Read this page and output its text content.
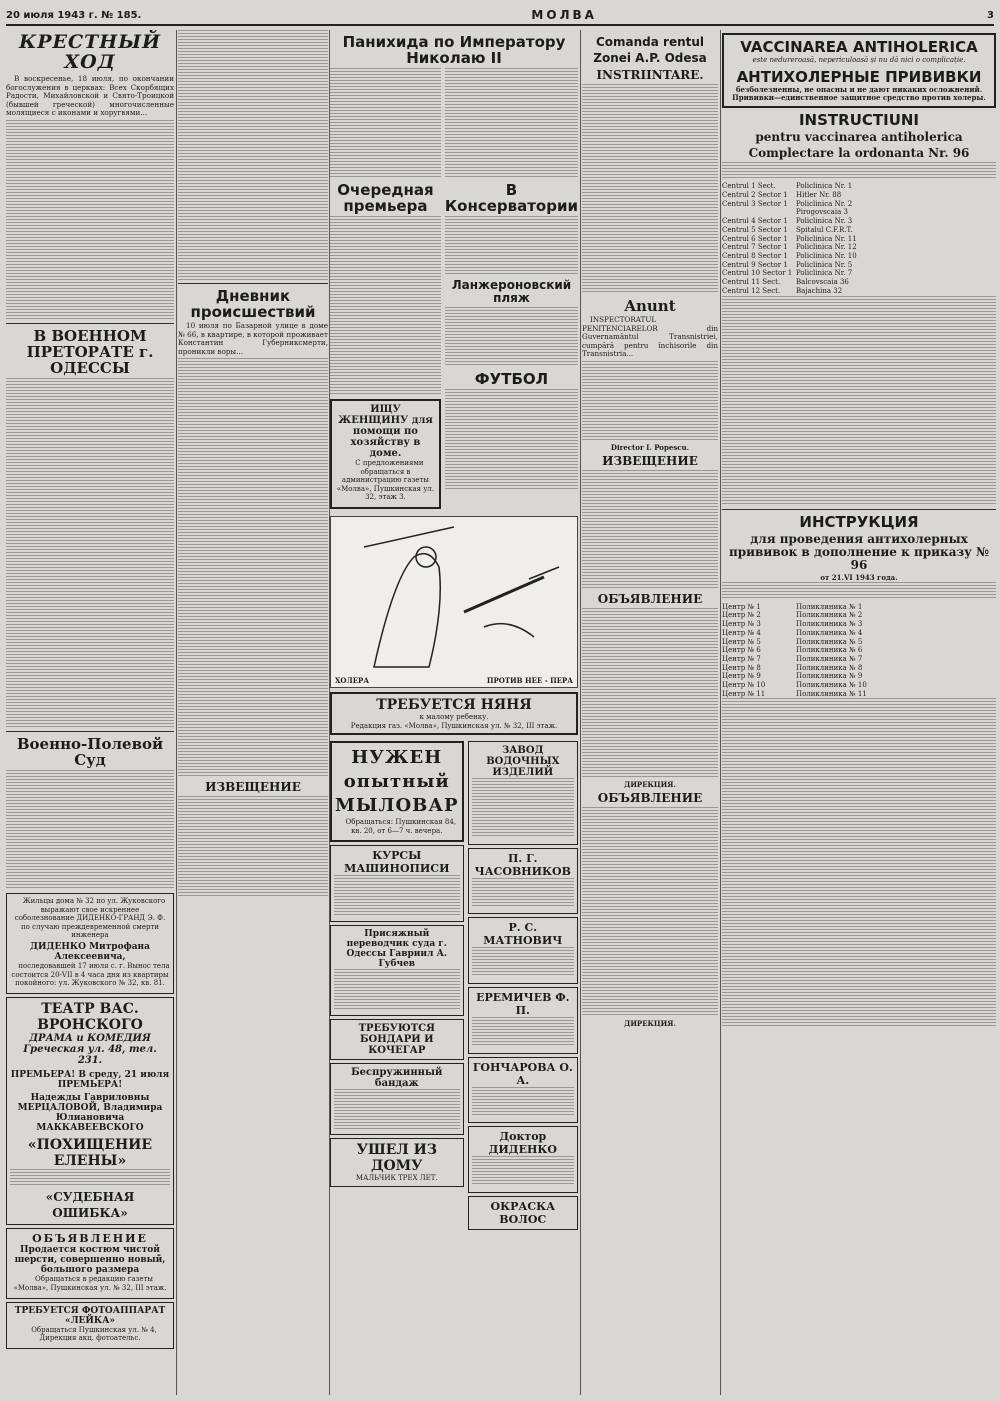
20 июля 1943 г. № 185.	МОЛВА	3
КРЕСТНЫЙ ХОД

В воскресенье, 18 июля, по окончании богослужения в церквах: Всех Скорбящих Радости, Михайловской и Свято-Троицкой (бывшей греческой) многочисленные молящиеся с иконами и хоругвями...

В ВОЕННОМ ПРЕТОРАТЕ г. ОДЕССЫ
Военно-Полевой Суд

Жильцы дома № 32 по ул. Жуковского выражают свое искреннее соболезнование ДИДЕНКО-ГРАНД Э. Ф. по случаю преждевременной смерти инженера

ДИДЕНКО Митрофана Алексеевича,

последовавшей 17 июля с. г. Вынос тела состоится 20-VII в 4 часа дня из квартиры покойного: ул. Жуковского № 32, кв. 81.

ТЕАТР ВАС. ВРОНСКОГО
ДРАМА и КОМЕДИЯ Греческая ул. 48, тел. 231.
ПРЕМЬЕРА! В среду, 21 июля ПРЕМЬЕРА!
Надежды Гавриловны МЕРЦАЛОВОЙ, Владимира Юлиановича МАККАВЕЕВСКОГО
«ПОХИЩЕНИЕ ЕЛЕНЫ»
«СУДЕБНАЯ ОШИБКА»
ОБЪЯВЛЕНИЕ
Продается костюм чистой шерсти, совершенно новый, большого размера

Обращаться в редакцию газеты «Молва», Пушкинская ул. № 32, III этаж.

ТРЕБУЕТСЯ ФОТОАППАРАТ «ЛЕЙКА»

Обращаться Пушкинская ул. № 4, Дирекция акц. фотоательс.

Дневник происшествий

10 июля по Базарной улице в доме № 66, в квартире, в которой проживает Константин Губерниксмерти, проникли воры...

ИЗВЕЩЕНИЕ
Панихида по Императору Николаю II
Очередная премьера
ИЩУ ЖЕНЩИНУ для помощи по хозяйству в доме.

С предложениями обращаться в администрацию газеты «Молва», Пушкинская ул. 32, этаж 3.

В Консерватории
Ланжероновский пляж
ФУТБОЛ
ХОЛЕРА	ПРОТИВ НЕЕ - ПЕРА
ТРЕБУЕТСЯ НЯНЯ
к малому ребенку.
Редакция газ. «Молва», Пушкинская ул. № 32, III этаж.
НУЖЕН опытный МЫЛОВАР

Обращаться: Пушкинская 84, кв. 20, от 6—7 ч. вечера.

КУРСЫ МАШИНОПИСИ
Присяжный переводчик суда г. Одессы Гавриил А. Губчев
ТРЕБУЮТСЯ БОНДАРИ И КОЧЕГАР
Беспружинный бандаж
УШЕЛ ИЗ ДОМУ
МАЛЬЧИК ТРЕХ ЛЕТ.
ЗАВОД ВОДОЧНЫХ ИЗДЕЛИЙ
П. Г. ЧАСОВНИКОВ
Р. С. МАТНОВИЧ
ЕРЕМИЧЕВ Ф. П.
ГОНЧАРОВА О. А.
Доктор ДИДЕНКО
ОКРАСКА ВОЛОС
Comanda rentul Zonei A.P. Odesa
INSTRIINTARE.
Anunt

INSPECTORATUL PENITENCIARELOR din Guvernamântul Transnistriei, cumpără pentru închisorile din Transnistria...

Director I. Popescu.
ИЗВЕЩЕНИЕ
ОБЪЯВЛЕНИЕ
ДИРЕКЦИЯ.
ОБЪЯВЛЕНИЕ
ДИРЕКЦИЯ.
VACCINAREA ANTIHOLERICA
este nedureroasă, nepericuloasă și nu dă nici o complicație.
АНТИХОЛЕРНЫЕ ПРИВИВКИ
безболезненны, не опасны и не дают никаких осложнений.
Прививки—единственное защитное средство против холеры.
INSTRUCTIUNI
pentru vaccinarea antiholerica
Complectare la ordonanta Nr. 96
Centrul 1 Sect.	Policlinica Nr. 1
Centrul 2 Sector 1	Hitler Nr. 88
Centrul 3 Sector 1	Policlinica Nr. 2
Pirogovscaia 3
Centrul 4 Sector 1	Policlinica Nr. 3
Centrul 5 Sector 1	Spitalul C.F.R.T.
Centrul 6 Sector 1	Policlinica Nr. 11
Centrul 7 Sector 1	Policlinica Nr. 12
Centrul 8 Sector 1	Policlinica Nr. 10
Centrul 9 Sector 1	Policlinica Nr. 5
Centrul 10 Sector 1 Policlinica Nr. 7
Centrul 11 Sect.	Balcovscaia 36
Centrul 12 Sect.	Bajachina 32
ИНСТРУКЦИЯ
для проведения антихолерных прививок в дополнение к приказу № 96
от 21.VI 1943 года.
Центр № 1	Поликлиника № 1
Центр № 2	Поликлиника № 2
Центр № 3	Поликлиника № 3
Центр № 4	Поликлиника № 4
Центр № 5	Поликлиника № 5
Центр № 6	Поликлиника № 6
Центр № 7	Поликлиника № 7
Центр № 8	Поликлиника № 8
Центр № 9	Поликлиника № 9
Центр № 10	Поликлиника № 10
Центр № 11	Поликлиника № 11
